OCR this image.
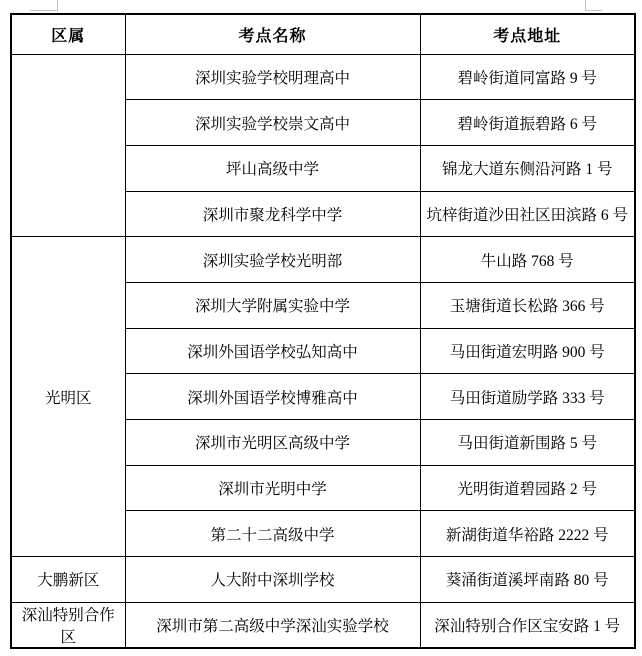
区属	考点名称	考点地址
	深圳实验学校明理高中	碧岭街道同富路 9 号
	深圳实验学校崇文高中	碧岭街道振碧路 6 号
	坪山高级中学	锦龙大道东侧沿河路 1 号
	深圳市聚龙科学中学	坑梓街道沙田社区田滨路 6 号
光明区	深圳实验学校光明部	牛山路 768 号
	深圳大学附属实验中学	玉塘街道长松路 366 号
	深圳外国语学校弘知高中	马田街道宏明路 900 号
	深圳外国语学校博雅高中	马田街道励学路 333 号
	深圳市光明区高级中学	马田街道新围路 5 号
	深圳市光明中学	光明街道碧园路 2 号
	第二十二高级中学	新湖街道华裕路 2222 号
大鹏新区	人大附中深圳学校	葵涌街道溪坪南路 80 号
深汕特别合作区	深圳市第二高级中学深汕实验学校	深汕特别合作区宝安路 1 号
